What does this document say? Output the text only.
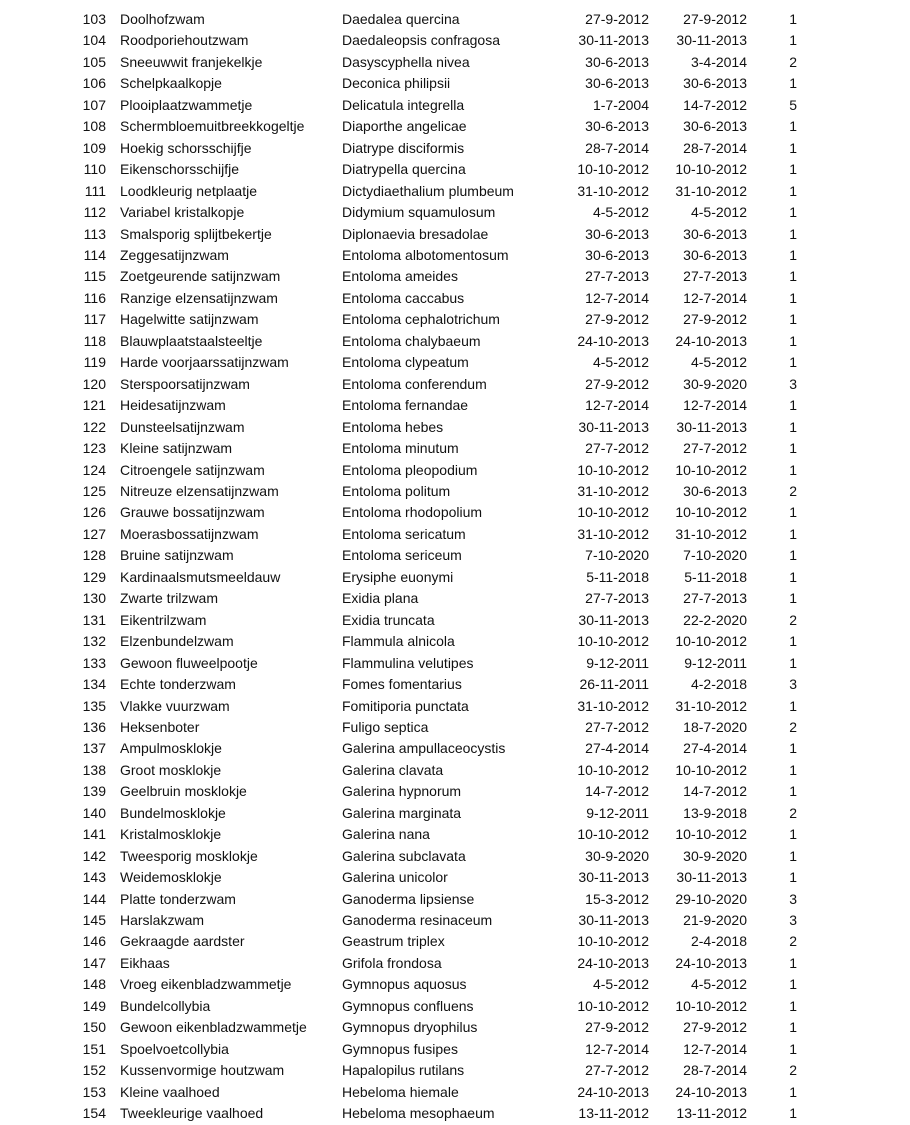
103	Doolhofzwam	Daedalea quercina	27-9-2012	27-9-2012	1	
104	Roodporiehoutzwam	Daedaleopsis confragosa	30-11-2013	30-11-2013	1	
105	Sneeuwwit franjekelkje	Dasyscyphella nivea	30-6-2013	3-4-2014	2	
106	Schelpkaalkopje	Deconica philipsii	30-6-2013	30-6-2013	1	
107	Plooiplaatzwammetje	Delicatula integrella	1-7-2004	14-7-2012	5	
108	Schermbloemuitbreekkogeltje	Diaporthe angelicae	30-6-2013	30-6-2013	1	
109	Hoekig schorsschijfje	Diatrype disciformis	28-7-2014	28-7-2014	1	
110	Eikenschorsschijfje	Diatrypella quercina	10-10-2012	10-10-2012	1	
111	Loodkleurig netplaatje	Dictydiaethalium plumbeum	31-10-2012	31-10-2012	1	
112	Variabel kristalkopje	Didymium squamulosum	4-5-2012	4-5-2012	1	
113	Smalsporig splijtbekertje	Diplonaevia bresadolae	30-6-2013	30-6-2013	1	
114	Zeggesatijnzwam	Entoloma albotomentosum	30-6-2013	30-6-2013	1	
115	Zoetgeurende satijnzwam	Entoloma ameides	27-7-2013	27-7-2013	1	
116	Ranzige elzensatijnzwam	Entoloma caccabus	12-7-2014	12-7-2014	1	
117	Hagelwitte satijnzwam	Entoloma cephalotrichum	27-9-2012	27-9-2012	1	
118	Blauwplaatstaalsteeltje	Entoloma chalybaeum	24-10-2013	24-10-2013	1	
119	Harde voorjaarssatijnzwam	Entoloma clypeatum	4-5-2012	4-5-2012	1	
120	Sterspoorsatijnzwam	Entoloma conferendum	27-9-2012	30-9-2020	3	
121	Heidesatijnzwam	Entoloma fernandae	12-7-2014	12-7-2014	1	
122	Dunsteelsatijnzwam	Entoloma hebes	30-11-2013	30-11-2013	1	
123	Kleine satijnzwam	Entoloma minutum	27-7-2012	27-7-2012	1	
124	Citroengele satijnzwam	Entoloma pleopodium	10-10-2012	10-10-2012	1	
125	Nitreuze elzensatijnzwam	Entoloma politum	31-10-2012	30-6-2013	2	
126	Grauwe bossatijnzwam	Entoloma rhodopolium	10-10-2012	10-10-2012	1	
127	Moerasbossatijnzwam	Entoloma sericatum	31-10-2012	31-10-2012	1	
128	Bruine satijnzwam	Entoloma sericeum	7-10-2020	7-10-2020	1	
129	Kardinaalsmutsmeeldauw	Erysiphe euonymi	5-11-2018	5-11-2018	1	
130	Zwarte trilzwam	Exidia plana	27-7-2013	27-7-2013	1	
131	Eikentrilzwam	Exidia truncata	30-11-2013	22-2-2020	2	
132	Elzenbundelzwam	Flammula alnicola	10-10-2012	10-10-2012	1	
133	Gewoon fluweelpootje	Flammulina velutipes	9-12-2011	9-12-2011	1	
134	Echte tonderzwam	Fomes fomentarius	26-11-2011	4-2-2018	3	
135	Vlakke vuurzwam	Fomitiporia punctata	31-10-2012	31-10-2012	1	
136	Heksenboter	Fuligo septica	27-7-2012	18-7-2020	2	
137	Ampulmosklokje	Galerina ampullaceocystis	27-4-2014	27-4-2014	1	
138	Groot mosklokje	Galerina clavata	10-10-2012	10-10-2012	1	
139	Geelbruin mosklokje	Galerina hypnorum	14-7-2012	14-7-2012	1	
140	Bundelmosklokje	Galerina marginata	9-12-2011	13-9-2018	2	
141	Kristalmosklokje	Galerina nana	10-10-2012	10-10-2012	1	
142	Tweesporig mosklokje	Galerina subclavata	30-9-2020	30-9-2020	1	
143	Weidemosklokje	Galerina unicolor	30-11-2013	30-11-2013	1	
144	Platte tonderzwam	Ganoderma lipsiense	15-3-2012	29-10-2020	3	
145	Harslakzwam	Ganoderma resinaceum	30-11-2013	21-9-2020	3	
146	Gekraagde aardster	Geastrum triplex	10-10-2012	2-4-2018	2	
147	Eikhaas	Grifola frondosa	24-10-2013	24-10-2013	1	
148	Vroeg eikenbladzwammetje	Gymnopus aquosus	4-5-2012	4-5-2012	1	
149	Bundelcollybia	Gymnopus confluens	10-10-2012	10-10-2012	1	
150	Gewoon eikenbladzwammetje	Gymnopus dryophilus	27-9-2012	27-9-2012	1	
151	Spoelvoetcollybia	Gymnopus fusipes	12-7-2014	12-7-2014	1	
152	Kussenvormige houtzwam	Hapalopilus rutilans	27-7-2012	28-7-2014	2	
153	Kleine vaalhoed	Hebeloma hiemale	24-10-2013	24-10-2013	1	
154	Tweekleurige vaalhoed	Hebeloma mesophaeum	13-11-2012	13-11-2012	1	
